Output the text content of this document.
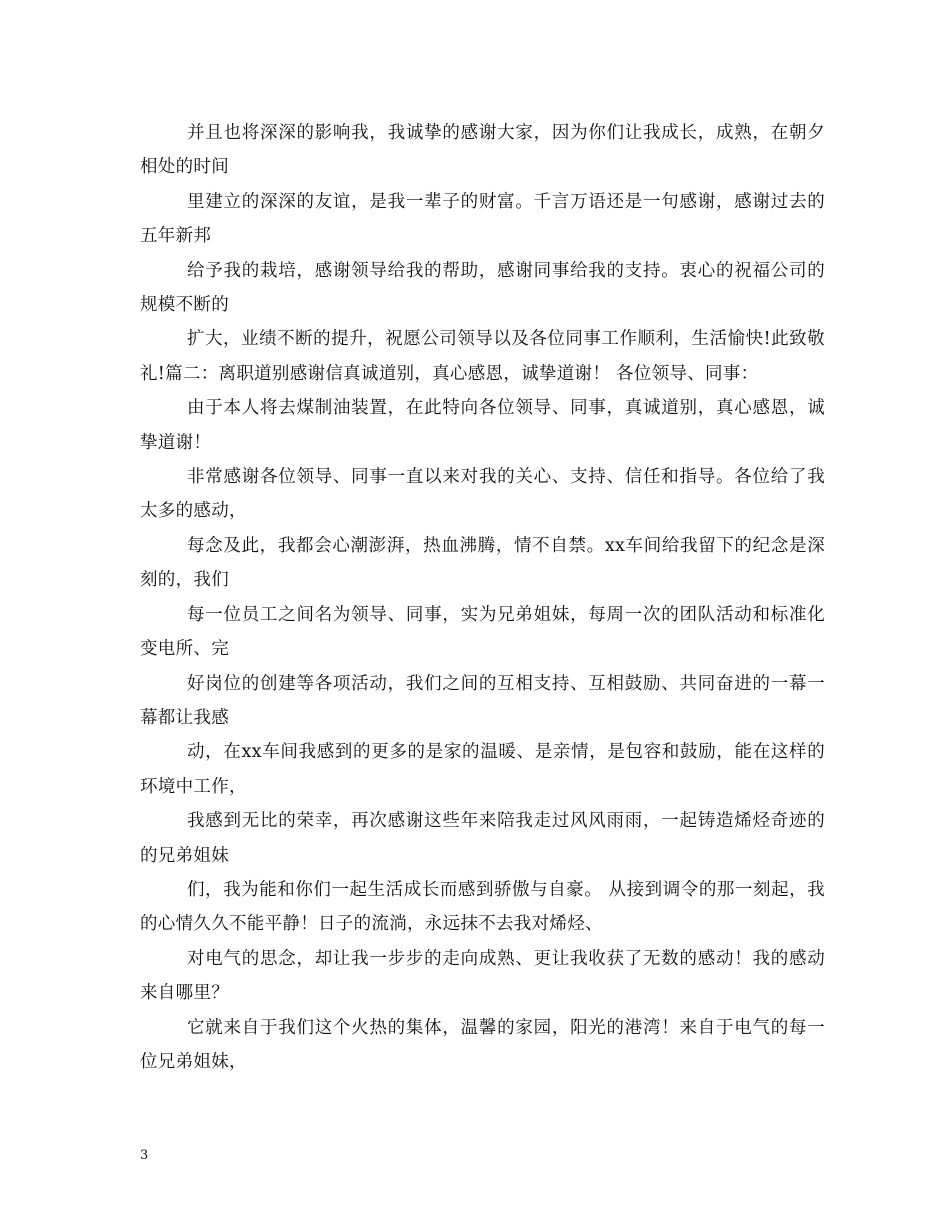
并且也将深深的影响我，我诚挚的感谢大家，因为你们让我成长，成熟，在朝夕相处的时间

里建立的深深的友谊，是我一辈子的财富。千言万语还是一句感谢，感谢过去的五年新邦

给予我的栽培，感谢领导给我的帮助，感谢同事给我的支持。衷心的祝福公司的规模不断的

扩大，业绩不断的提升，祝愿公司领导以及各位同事工作顺利，生活愉快!此致敬礼!篇二：离职道别感谢信真诚道别，真心感恩，诚挚道谢！ 各位领导、同事：

由于本人将去煤制油装置，在此特向各位领导、同事，真诚道别，真心感恩，诚挚道谢！

非常感谢各位领导、同事一直以来对我的关心、支持、信任和指导。各位给了我太多的感动，

每念及此，我都会心潮澎湃，热血沸腾，情不自禁。xx车间给我留下的纪念是深刻的，我们

每一位员工之间名为领导、同事，实为兄弟姐妹，每周一次的团队活动和标准化变电所、完

好岗位的创建等各项活动，我们之间的互相支持、互相鼓励、共同奋进的一幕一幕都让我感

动，在xx车间我感到的更多的是家的温暖、是亲情，是包容和鼓励，能在这样的环境中工作，

我感到无比的荣幸，再次感谢这些年来陪我走过风风雨雨，一起铸造烯烃奇迹的的兄弟姐妹

们，我为能和你们一起生活成长而感到骄傲与自豪。 从接到调令的那一刻起，我的心情久久不能平静！日子的流淌，永远抹不去我对烯烃、

对电气的思念，却让我一步步的走向成熟、更让我收获了无数的感动！我的感动来自哪里？

它就来自于我们这个火热的集体，温馨的家园，阳光的港湾！来自于电气的每一位兄弟姐妹，

3
